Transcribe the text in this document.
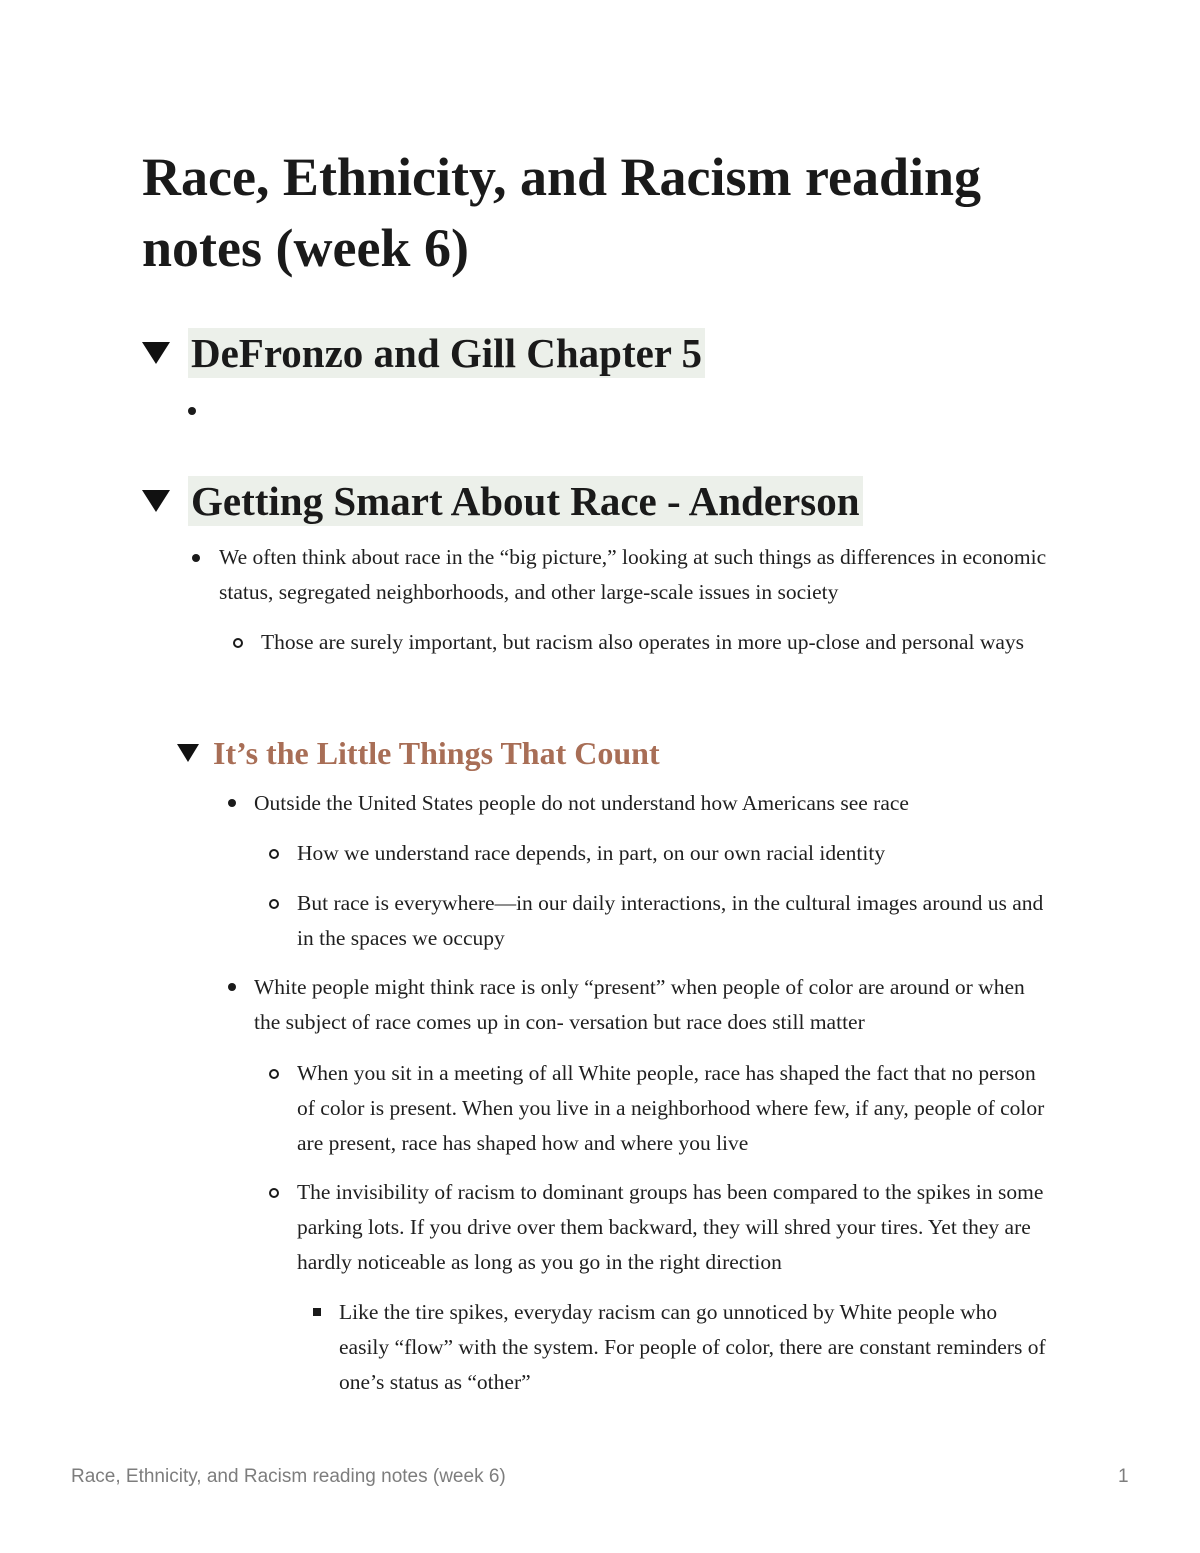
Race, Ethnicity, and Racism reading notes (week 6)
DeFronzo and Gill Chapter 5
Getting Smart About Race - Anderson
We often think about race in the “big picture,” looking at such things as differences in economic status, segregated neighborhoods, and other large-scale issues in society
Those are surely important, but racism also operates in more up-close and personal ways
It’s the Little Things That Count
Outside the United States people do not understand how Americans see race
How we understand race depends, in part, on our own racial identity
But race is everywhere—in our daily interactions, in the cultural images around us and in the spaces we occupy
White people might think race is only “present” when people of color are around or when the subject of race comes up in con- versation but race does still matter
When you sit in a meeting of all White people, race has shaped the fact that no person of color is present. When you live in a neighborhood where few, if any, people of color are present, race has shaped how and where you live
The invisibility of racism to dominant groups has been compared to the spikes in some parking lots. If you drive over them backward, they will shred your tires. Yet they are hardly noticeable as long as you go in the right direction
Like the tire spikes, everyday racism can go unnoticed by White people who easily “flow” with the system. For people of color, there are constant reminders of one’s status as “other”
Race, Ethnicity, and Racism reading notes (week 6)	1
